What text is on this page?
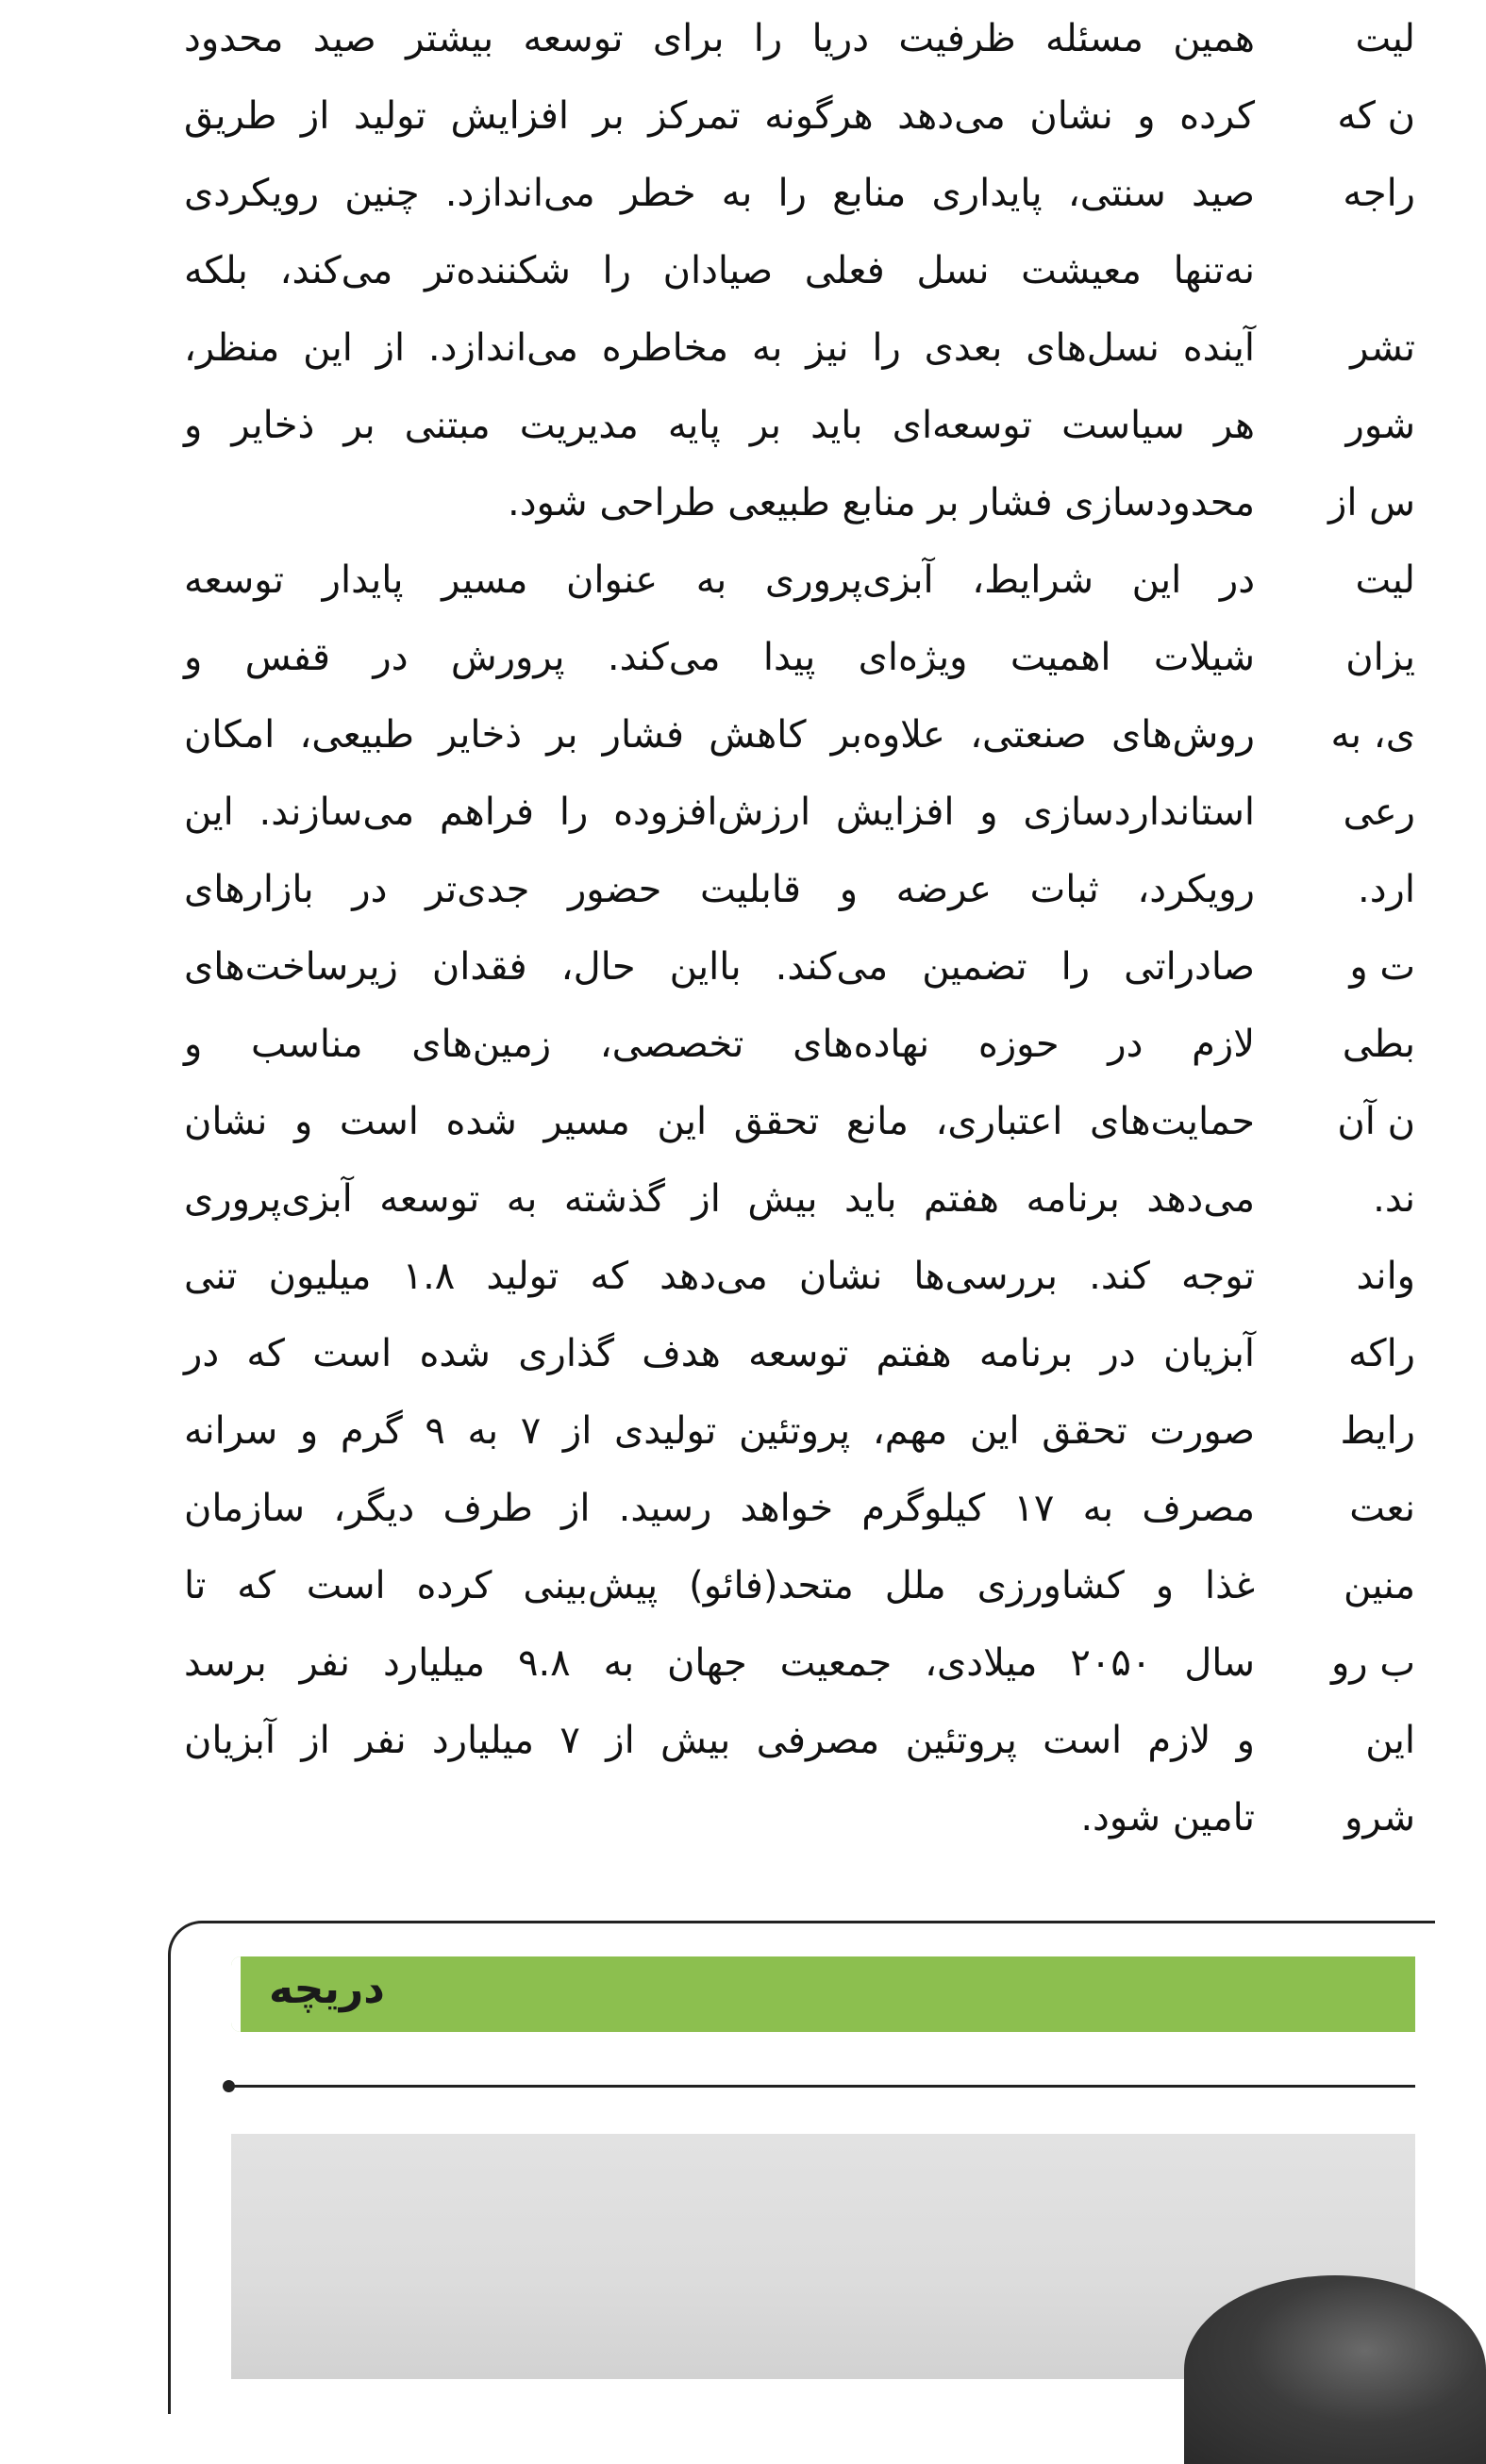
همین مسئله ظرفیت دریا را برای توسعه بیشتر صید محدود
کرده و نشان می‌دهد هرگونه تمرکز بر افزایش تولید از طریق
صید سنتی، پایداری منابع را به خطر می‌اندازد. چنین رویکردی
نه‌تنها معیشت نسل فعلی صیادان را شکننده‌تر می‌کند، بلکه
آینده نسل‌های بعدی را نیز به مخاطره می‌اندازد. از این منظر،
هر سیاست توسعه‌ای باید بر پایه مدیریت مبتنی بر ذخایر و
محدودسازی فشار بر منابع طبیعی طراحی شود.
در این شرایط، آبزی‌پروری به عنوان مسیر پایدار توسعه
شیلات اهمیت ویژه‌ای پیدا می‌کند. پرورش در قفس و
روش‌های صنعتی، علاوه‌بر کاهش فشار بر ذخایر طبیعی، امکان
استانداردسازی و افزایش ارزش‌افزوده را فراهم می‌سازند. این
رویکرد، ثبات عرضه و قابلیت حضور جدی‌تر در بازارهای
صادراتی را تضمین می‌کند. بااین حال، فقدان زیرساخت‌های
لازم در حوزه نهاده‌های تخصصی، زمین‌های مناسب و
حمایت‌های اعتباری، مانع تحقق این مسیر شده است و نشان
می‌دهد برنامه هفتم باید بیش از گذشته به توسعه آبزی‌پروری
توجه کند. بررسی‌ها نشان می‌دهد که تولید ۱.۸ میلیون تنی
آبزیان در برنامه هفتم توسعه هدف گذاری شده است که در
صورت تحقق این مهم، پروتئین تولیدی از ۷ به ۹ گرم و سرانه
مصرف به ۱۷ کیلوگرم خواهد رسید. از طرف دیگر، سازمان
غذا و کشاورزی ملل متحد(فائو) پیش‌بینی کرده است که تا
سال ۲۰۵۰ میلادی، جمعیت جهان به ۹.۸ میلیارد نفر برسد
و لازم است پروتئین مصرفی بیش از ۷ میلیارد نفر از آبزیان
تامین شود.
لیت
ن که
راجه
تشر
شور
س از
لیت
یزان
ی، به
رعی
ارد.
ت و
بطی
ن آن
ند.
واند
راکه
رایط
نعت
منین
ب رو
این
شرو
دریچه
